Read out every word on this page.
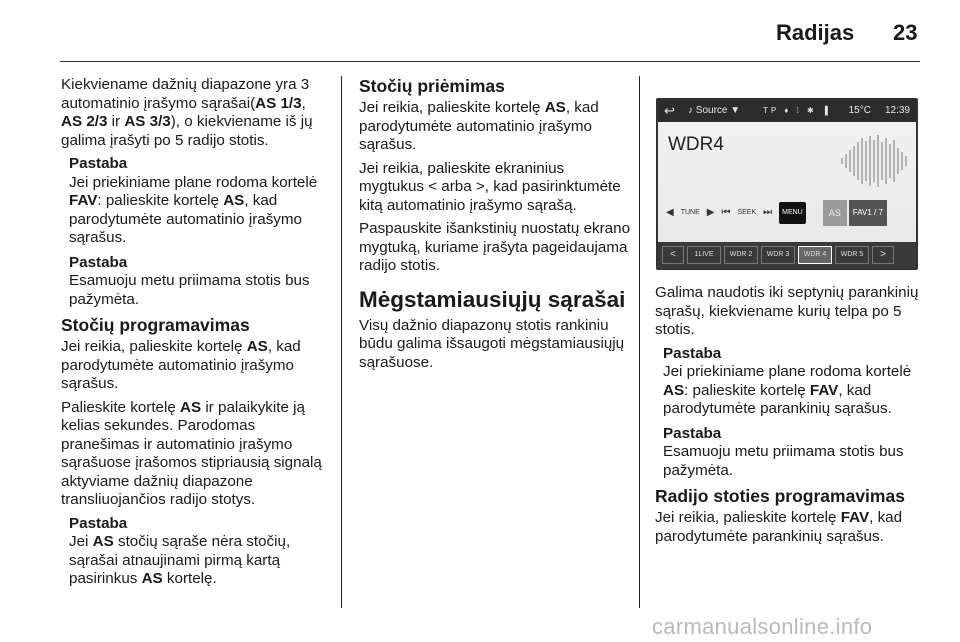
Radijas 23

Kiekviename dažnių diapazone yra 3 automatinio įrašymo sąrašai(AS 1/3,
AS 2/3 ir AS 3/3), o kiekviename iš jų galima įrašyti po 5 radijo stotis.

Pastaba
Jei priekiniame plane rodoma kortelė FAV: palieskite kortelę AS, kad parodytumėte automatinio įrašymo sąrašus.
Pastaba
Esamuoju metu priimama stotis bus pažymėta.
Stočių programavimas

Jei reikia, palieskite kortelę AS, kad parodytumėte automatinio įrašymo sąrašus.

Palieskite kortelę AS ir palaikykite ją kelias sekundes. Parodomas pranešimas ir automatinio įrašymo sąrašuose įrašomos stipriausią signalą aktyviame dažnių diapazone transliuojančios radijo stotys.

Pastaba
Jei AS stočių sąraše nėra stočių, sąrašai atnaujinami pirmą kartą pasirinkus AS kortelę.
Stočių priėmimas

Jei reikia, palieskite kortelę AS, kad parodytumėte automatinio įrašymo sąrašus.

Jei reikia, palieskite ekraninius mygtukus < arba >, kad pasirinktumėte kitą automatinio įrašymo sąrašą.

Paspauskite išankstinių nuostatų ekrano mygtuką, kuriame įrašyta pageidaujama radijo stotis.

Mėgstamiausiųjų sąrašai

Visų dažnio diapazonų stotis rankiniu būdu galima išsaugoti mėgstamiausiųjų sąrašuose.

↩	♪ Source ▼	TP ♦ ⁞ ✱ ▐ 15°C 12:39
WDR4
◀ TUNE ▶ ⏮ SEEK ⏭	MENU	AS	FAV1 / 7
<	1LIVE	WDR 2	WDR 3	WDR 4	WDR 5	>

Galima naudotis iki septynių parankinių sąrašų, kiekviename kurių telpa po 5 stotis.

Pastaba
Jei priekiniame plane rodoma kortelė AS: palieskite kortelę FAV, kad parodytumėte parankinių sąrašus.
Pastaba
Esamuoju metu priimama stotis bus pažymėta.
Radijo stoties programavimas

Jei reikia, palieskite kortelę FAV, kad parodytumėte parankinių sąrašus.

carmanualsonline.info
